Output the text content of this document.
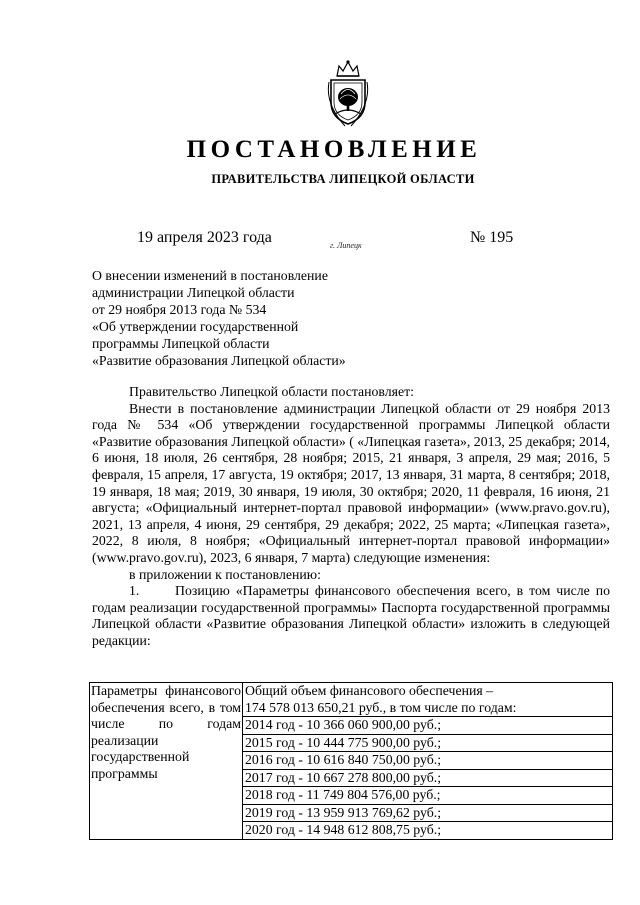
ПОСТАНОВЛЕНИЕ
ПРАВИТЕЛЬСТВА ЛИПЕЦКОЙ ОБЛАСТИ
19 апреля 2023 года	г. Липецк	№ 195
О внесении изменений в постановление
администрации Липецкой области
от 29 ноября 2013 года № 534
«Об утверждении государственной
программы Липецкой области
«Развитие образования Липецкой области»

Правительство Липецкой области постановляет:

Внести в постановление администрации Липецкой области от 29 ноября 2013 года № 534 «Об утверждении государственной программы Липецкой области «Развитие образования Липецкой области» ( «Липецкая газета», 2013, 25 декабря; 2014, 6 июня, 18 июля, 26 сентября, 28 ноября; 2015, 21 января, 3 апреля, 29 мая; 2016, 5 февраля, 15 апреля, 17 августа, 19 октября; 2017, 13 января, 31 марта, 8 сентября; 2018, 19 января, 18 мая; 2019, 30 января, 19 июля, 30 октября; 2020, 11 февраля, 16 июня, 21 августа; «Официальный интернет-портал правовой информации» (www.pravo.gov.ru), 2021, 13 апреля, 4 июня, 29 сентября, 29 декабря; 2022, 25 марта; «Липецкая газета», 2022, 8 июля, 8 ноября; «Официальный интернет-портал правовой информации» (www.pravo.gov.ru), 2023, 6 января, 7 марта) следующие изменения:

в приложении к постановлению:

1.      Позицию «Параметры финансового обеспечения всего, в том числе по годам реализации государственной программы» Паспорта государственной программы Липецкой области «Развитие образования Липецкой области» изложить в следующей редакции:

Параметры финансового обеспечения всего, в том числе по годам реализации государственной программы	
Общий объем финансового обеспечения –
174 578 013 650,21 руб., в том числе по годам:
2014 год - 10 366 060 900,00 руб.;
2015 год - 10 444 775 900,00 руб.;
2016 год - 10 616 840 750,00 руб.;
2017 год - 10 667 278 800,00 руб.;
2018 год - 11 749 804 576,00 руб.;
2019 год - 13 959 913 769,62 руб.;
2020 год - 14 948 612 808,75 руб.;
